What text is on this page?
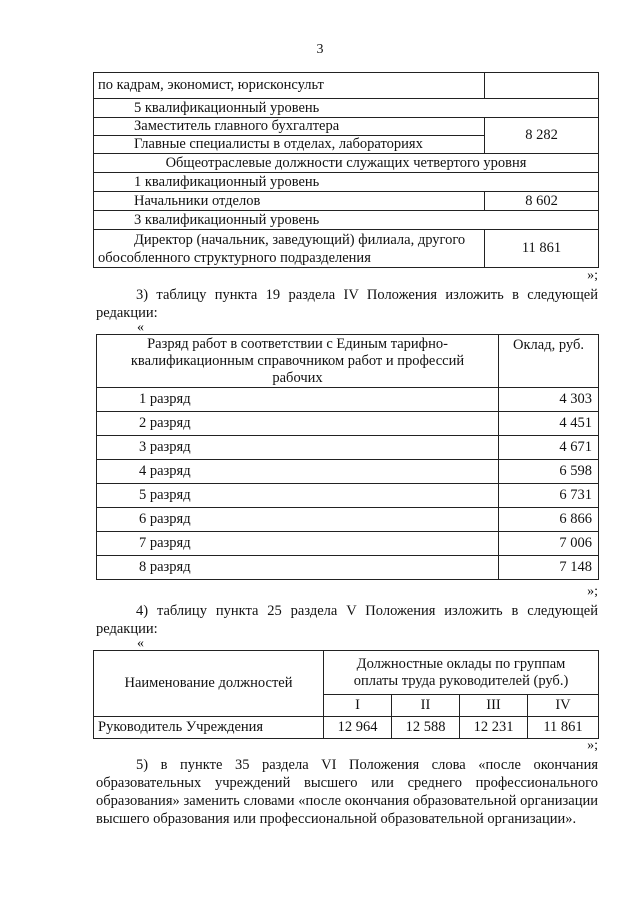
3
по кадрам, экономист, юрисконсульт	
5 квалификационный уровень	
Заместитель главного бухгалтера	8 282
Главные специалисты в отделах, лабораториях	
Общеотраслевые должности служащих четвертого уровня	
1 квалификационный уровень	
Начальники отделов	8 602
3 квалификационный уровень	
Директор (начальник, заведующий) филиала, другого обособленного структурного подразделения	11 861
»;
3) таблицу пункта 19 раздела IV Положения изложить в следующей редакции:
«
Разряд работ в соответствии с Единым тарифно-квалификационным справочником работ и профессий рабочих	Оклад, руб.
1 разряд	4 303
2 разряд	4 451
3 разряд	4 671
4 разряд	6 598
5 разряд	6 731
6 разряд	6 866
7 разряд	7 006
8 разряд	7 148
»;
4) таблицу пункта 25 раздела V Положения изложить в следующей редакции:
«
Наименование должностей	Должностные оклады по группам оплаты труда руководителей (руб.)			
	I	II	III	IV
Руководитель Учреждения	12 964	12 588	12 231	11 861
»;
5) в пункте 35 раздела VI Положения слова «после окончания образовательных учреждений высшего или среднего профессионального образования» заменить словами «после окончания образовательной организации высшего образования или профессиональной образовательной организации».
